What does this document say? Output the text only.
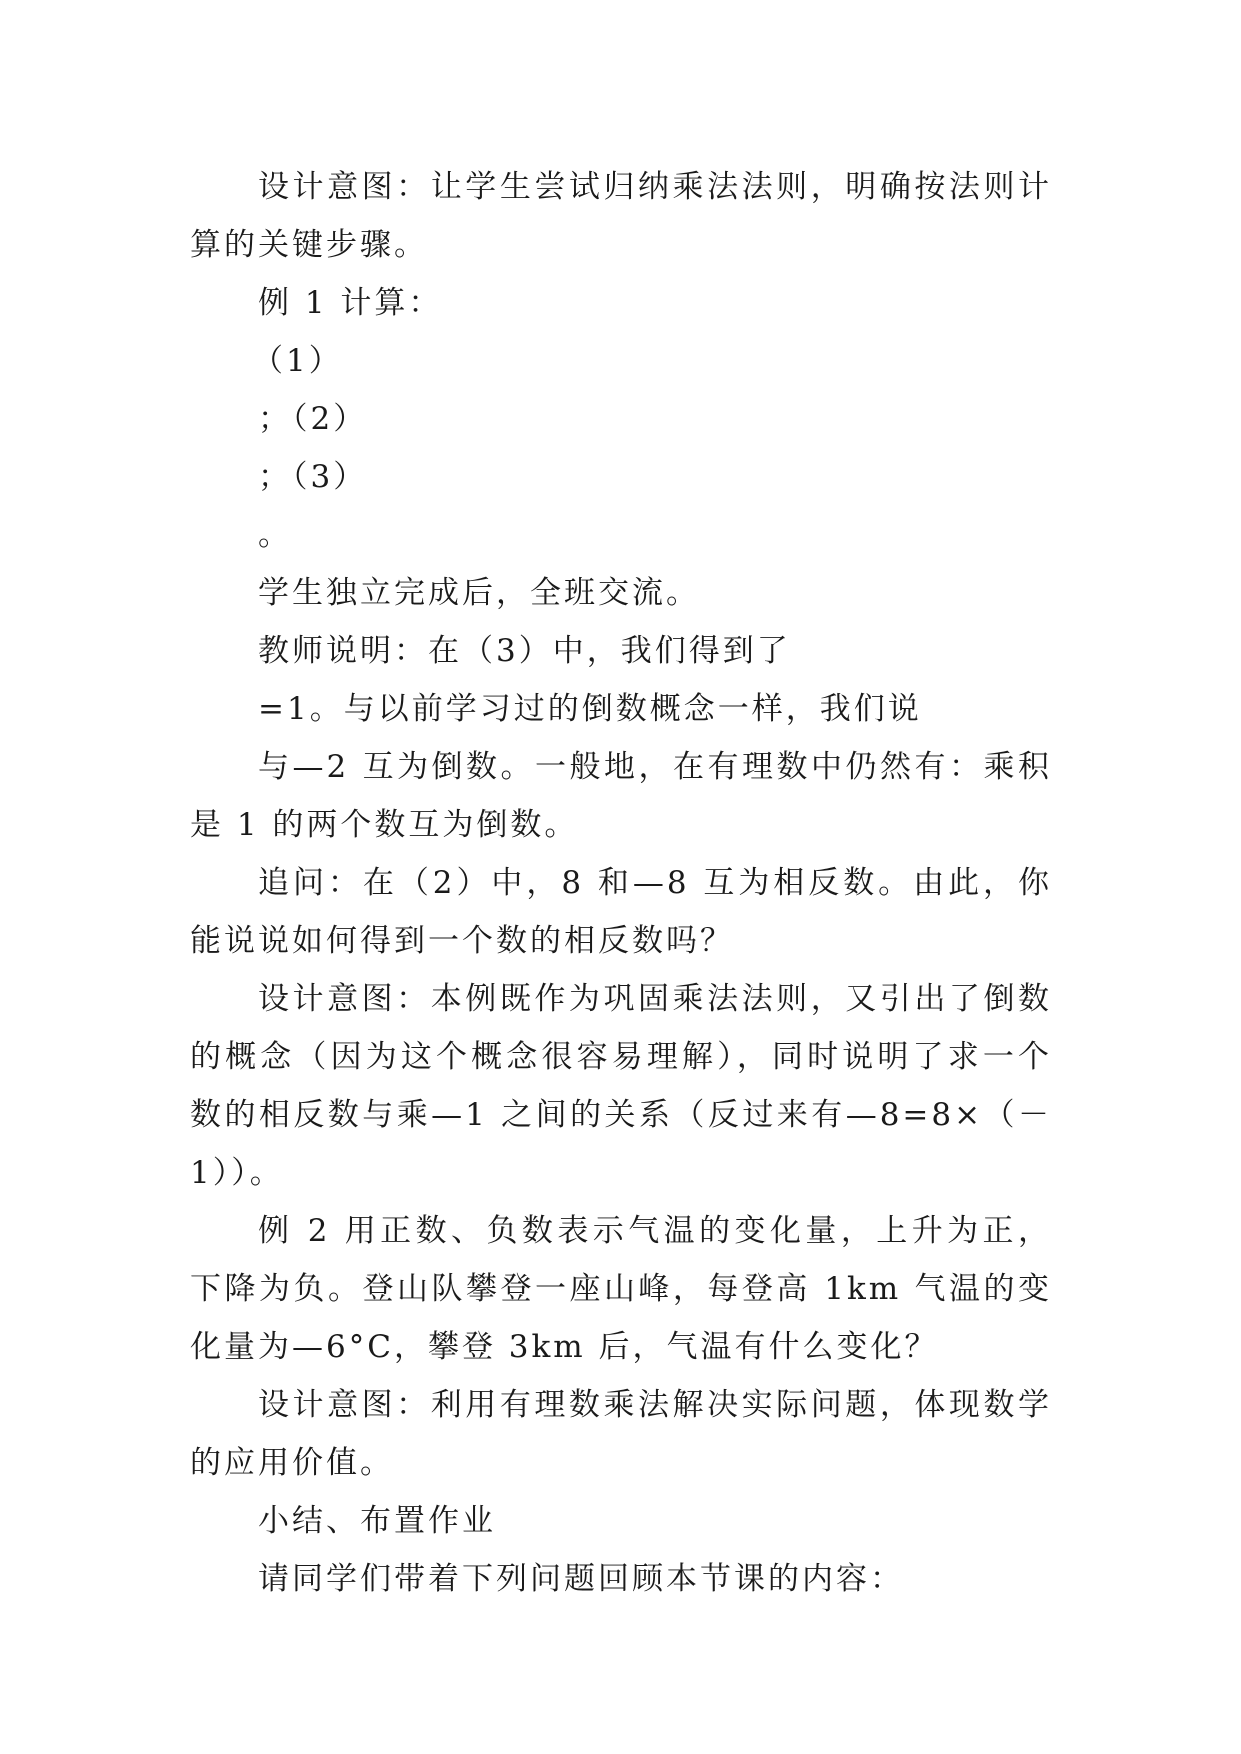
设计意图：让学生尝试归纳乘法法则，明确按法则计算的关键步骤。

例 1 计算：

（1）

；（2）

；（3）

。

学生独立完成后，全班交流。

教师说明：在（3）中，我们得到了

=1。与以前学习过的倒数概念一样，我们说

与—2 互为倒数。一般地，在有理数中仍然有：乘积是 1 的两个数互为倒数。

追问：在（2）中，8 和—8 互为相反数。由此，你能说说如何得到一个数的相反数吗？

设计意图：本例既作为巩固乘法法则，又引出了倒数的概念（因为这个概念很容易理解），同时说明了求一个数的相反数与乘—1 之间的关系（反过来有—8=8×（－1））。

例 2 用正数、负数表示气温的变化量，上升为正，下降为负。登山队攀登一座山峰，每登高 1km 气温的变化量为—6°C，攀登 3km 后，气温有什么变化？

设计意图：利用有理数乘法解决实际问题，体现数学的应用价值。

小结、布置作业

请同学们带着下列问题回顾本节课的内容：
